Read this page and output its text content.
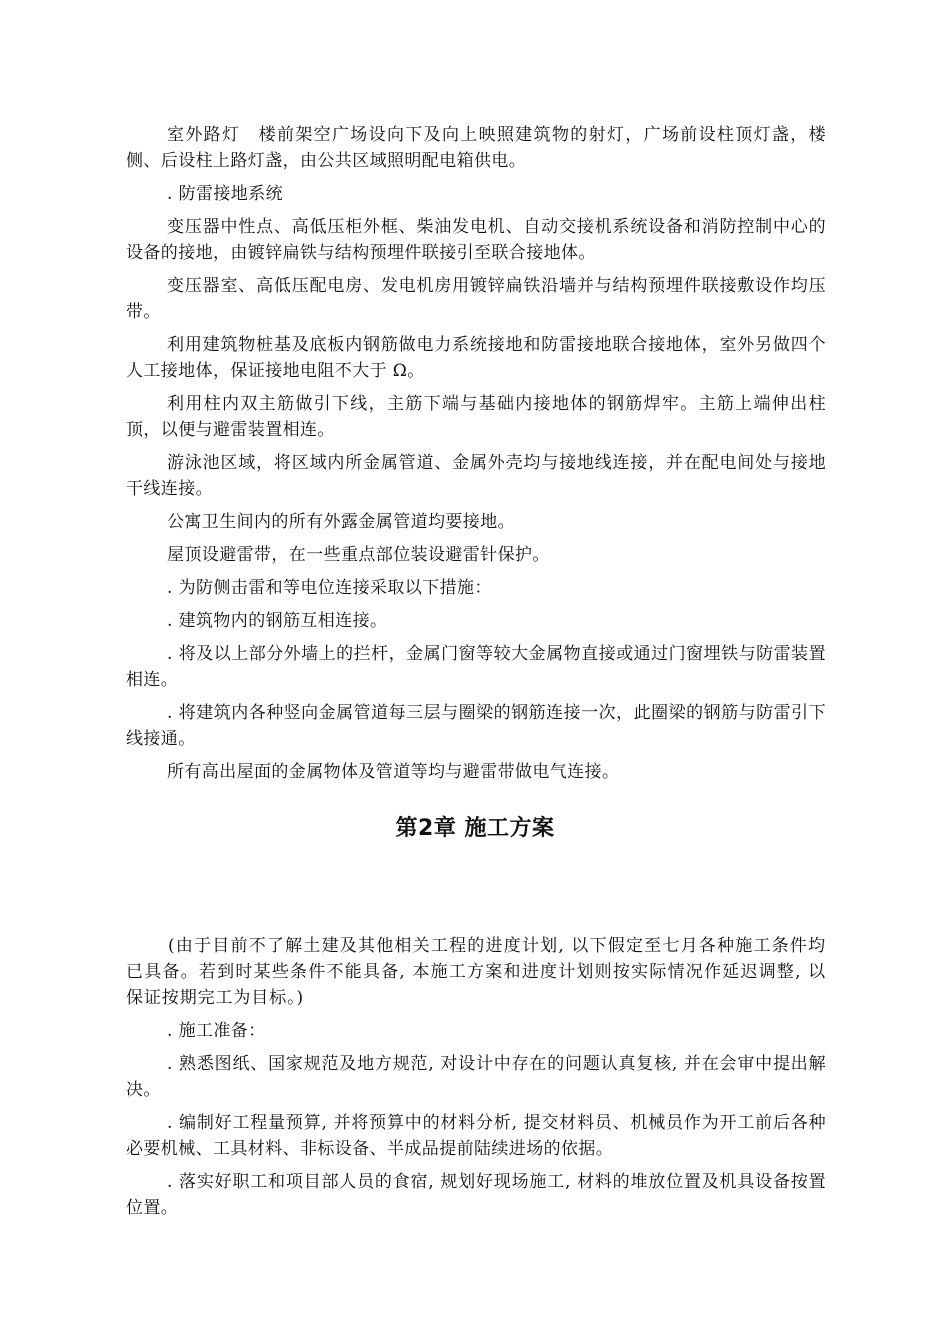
室外路灯　楼前架空广场设向下及向上映照建筑物的射灯，广场前设柱顶灯盏，楼侧、后设柱上路灯盏，由公共区域照明配电箱供电。

. 防雷接地系统

变压器中性点、高低压柜外框、柴油发电机、自动交接机系统设备和消防控制中心的设备的接地，由镀锌扁铁与结构预埋件联接引至联合接地体。

变压器室、高低压配电房、发电机房用镀锌扁铁沿墙并与结构预埋件联接敷设作均压带。

利用建筑物桩基及底板内钢筋做电力系统接地和防雷接地联合接地体，室外另做四个人工接地体，保证接地电阻不大于 Ω。

利用柱内双主筋做引下线，主筋下端与基础内接地体的钢筋焊牢。主筋上端伸出柱顶，以便与避雷装置相连。

游泳池区域，将区域内所金属管道、金属外壳均与接地线连接，并在配电间处与接地干线连接。

公寓卫生间内的所有外露金属管道均要接地。

屋顶设避雷带，在一些重点部位装设避雷针保护。

. 为防侧击雷和等电位连接采取以下措施：

. 建筑物内的钢筋互相连接。

. 将及以上部分外墙上的拦杆，金属门窗等较大金属物直接或通过门窗埋铁与防雷装置相连。

. 将建筑内各种竖向金属管道每三层与圈梁的钢筋连接一次，此圈梁的钢筋与防雷引下线接通。

所有高出屋面的金属物体及管道等均与避雷带做电气连接。

第2章 施工方案

(由于目前不了解土建及其他相关工程的进度计划, 以下假定至七月各种施工条件均已具备。若到时某些条件不能具备, 本施工方案和进度计划则按实际情况作延迟调整, 以保证按期完工为目标。)

. 施工准备：

. 熟悉图纸、国家规范及地方规范, 对设计中存在的问题认真复核, 并在会审中提出解决。

. 编制好工程量预算, 并将预算中的材料分析, 提交材料员、机械员作为开工前后各种必要机械、工具材料、非标设备、半成品提前陆续进场的依据。

. 落实好职工和项目部人员的食宿, 规划好现场施工, 材料的堆放位置及机具设备按置位置。
